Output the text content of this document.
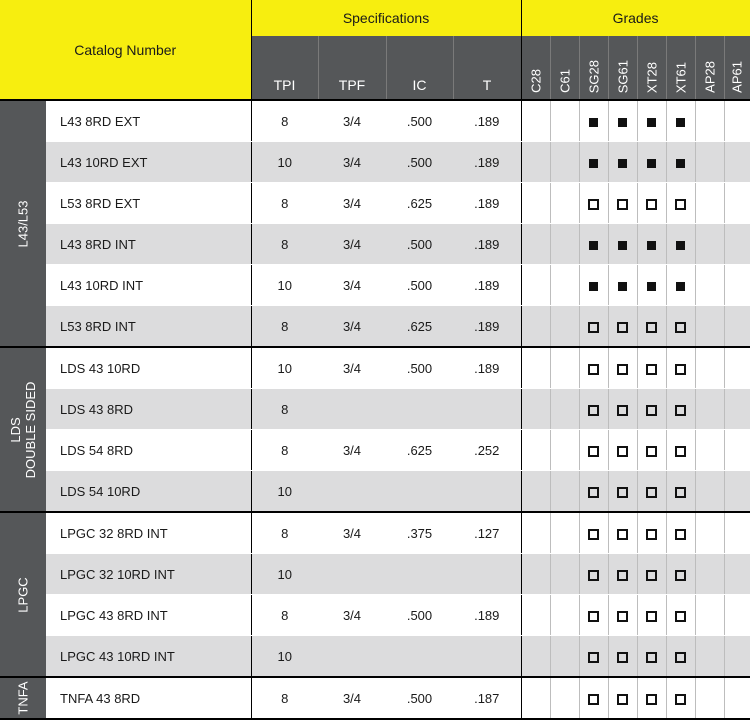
Catalog Number		Specifications				Grades							
		TPI	TPF	IC	T	C28	C61	SG28	SG61	XT28	XT61	AP28	AP61

L43/L53	L43 8RD EXT	8	3/4	.500	.189								
	L43 10RD EXT	10	3/4	.500	.189								
	L53 8RD EXT	8	3/4	.625	.189								
	L43 8RD INT	8	3/4	.500	.189								
	L43 10RD INT	10	3/4	.500	.189								
	L53 8RD INT	8	3/4	.625	.189								

LDS DOUBLE SIDED	LDS 43 10RD	10	3/4	.500	.189								
	LDS 43 8RD	8											
	LDS 54 8RD	8	3/4	.625	.252								
	LDS 54 10RD	10											

LPGC	LPGC 32 8RD INT	8	3/4	.375	.127								
	LPGC 32 10RD INT	10											
	LPGC 43 8RD INT	8	3/4	.500	.189								
	LPGC 43 10RD INT	10											

TNFA	TNFA 43 8RD	8	3/4	.500	.187								
